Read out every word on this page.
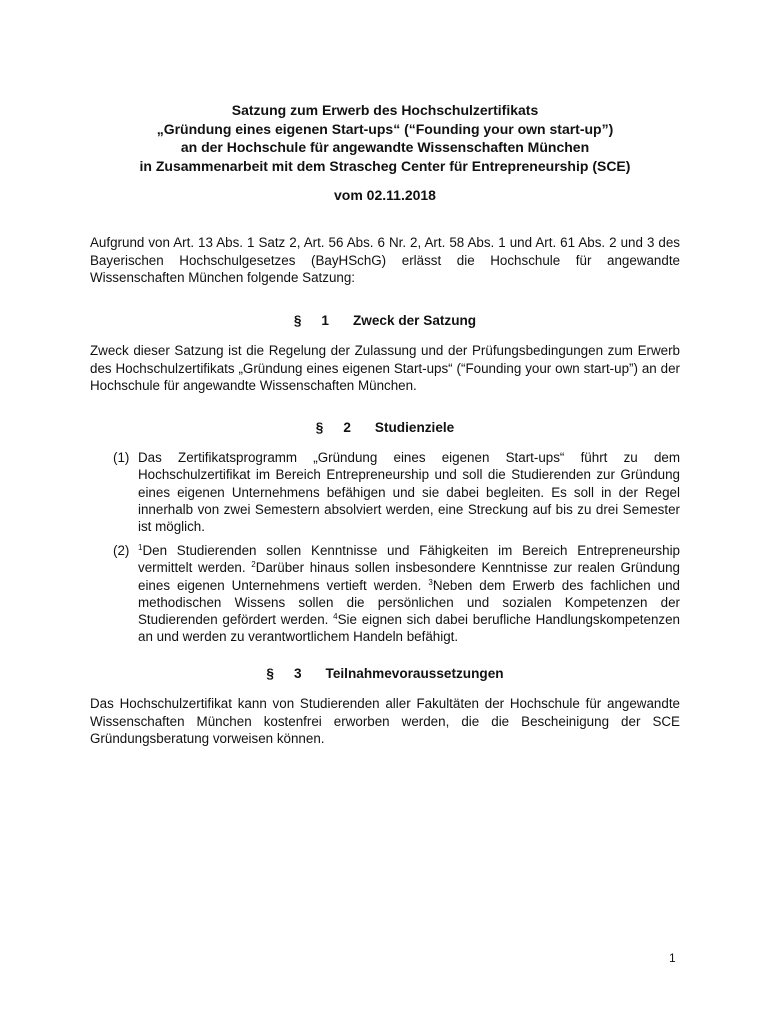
Satzung zum Erwerb des Hochschulzertifikats
„Gründung eines eigenen Start-ups“ (“Founding your own start-up”)
an der Hochschule für angewandte Wissenschaften München
in Zusammenarbeit mit dem Strascheg Center für Entrepreneurship (SCE)
vom 02.11.2018
Aufgrund von Art. 13 Abs. 1 Satz 2, Art. 56 Abs. 6 Nr. 2, Art. 58 Abs. 1 und Art. 61 Abs. 2 und 3 des Bayerischen Hochschulgesetzes (BayHSchG) erlässt die Hochschule für angewandte Wissenschaften München folgende Satzung:
§ 1 Zweck der Satzung
Zweck dieser Satzung ist die Regelung der Zulassung und der Prüfungsbedingungen zum Erwerb des Hochschulzertifikats „Gründung eines eigenen Start-ups“ (“Founding your own start-up”) an der Hochschule für angewandte Wissenschaften München.
§ 2 Studienziele
(1) Das Zertifikatsprogramm „Gründung eines eigenen Start-ups“ führt zu dem Hochschulzertifikat im Bereich Entrepreneurship und soll die Studierenden zur Gründung eines eigenen Unternehmens befähigen und sie dabei begleiten. Es soll in der Regel innerhalb von zwei Semestern absolviert werden, eine Streckung auf bis zu drei Semester ist möglich.
(2) $^1$Den Studierenden sollen Kenntnisse und Fähigkeiten im Bereich Entrepreneurship vermittelt werden. $^2$Darüber hinaus sollen insbesondere Kenntnisse zur realen Gründung eines eigenen Unternehmens vertieft werden. $^3$Neben dem Erwerb des fachlichen und methodischen Wissens sollen die persönlichen und sozialen Kompetenzen der Studierenden gefördert werden. $^4$Sie eignen sich dabei berufliche Handlungskompetenzen an und werden zu verantwortlichem Handeln befähigt.
§ 3 Teilnahmevoraussetzungen
Das Hochschulzertifikat kann von Studierenden aller Fakultäten der Hochschule für angewandte Wissenschaften München kostenfrei erworben werden, die die Bescheinigung der SCE Gründungsberatung vorweisen können.
1
